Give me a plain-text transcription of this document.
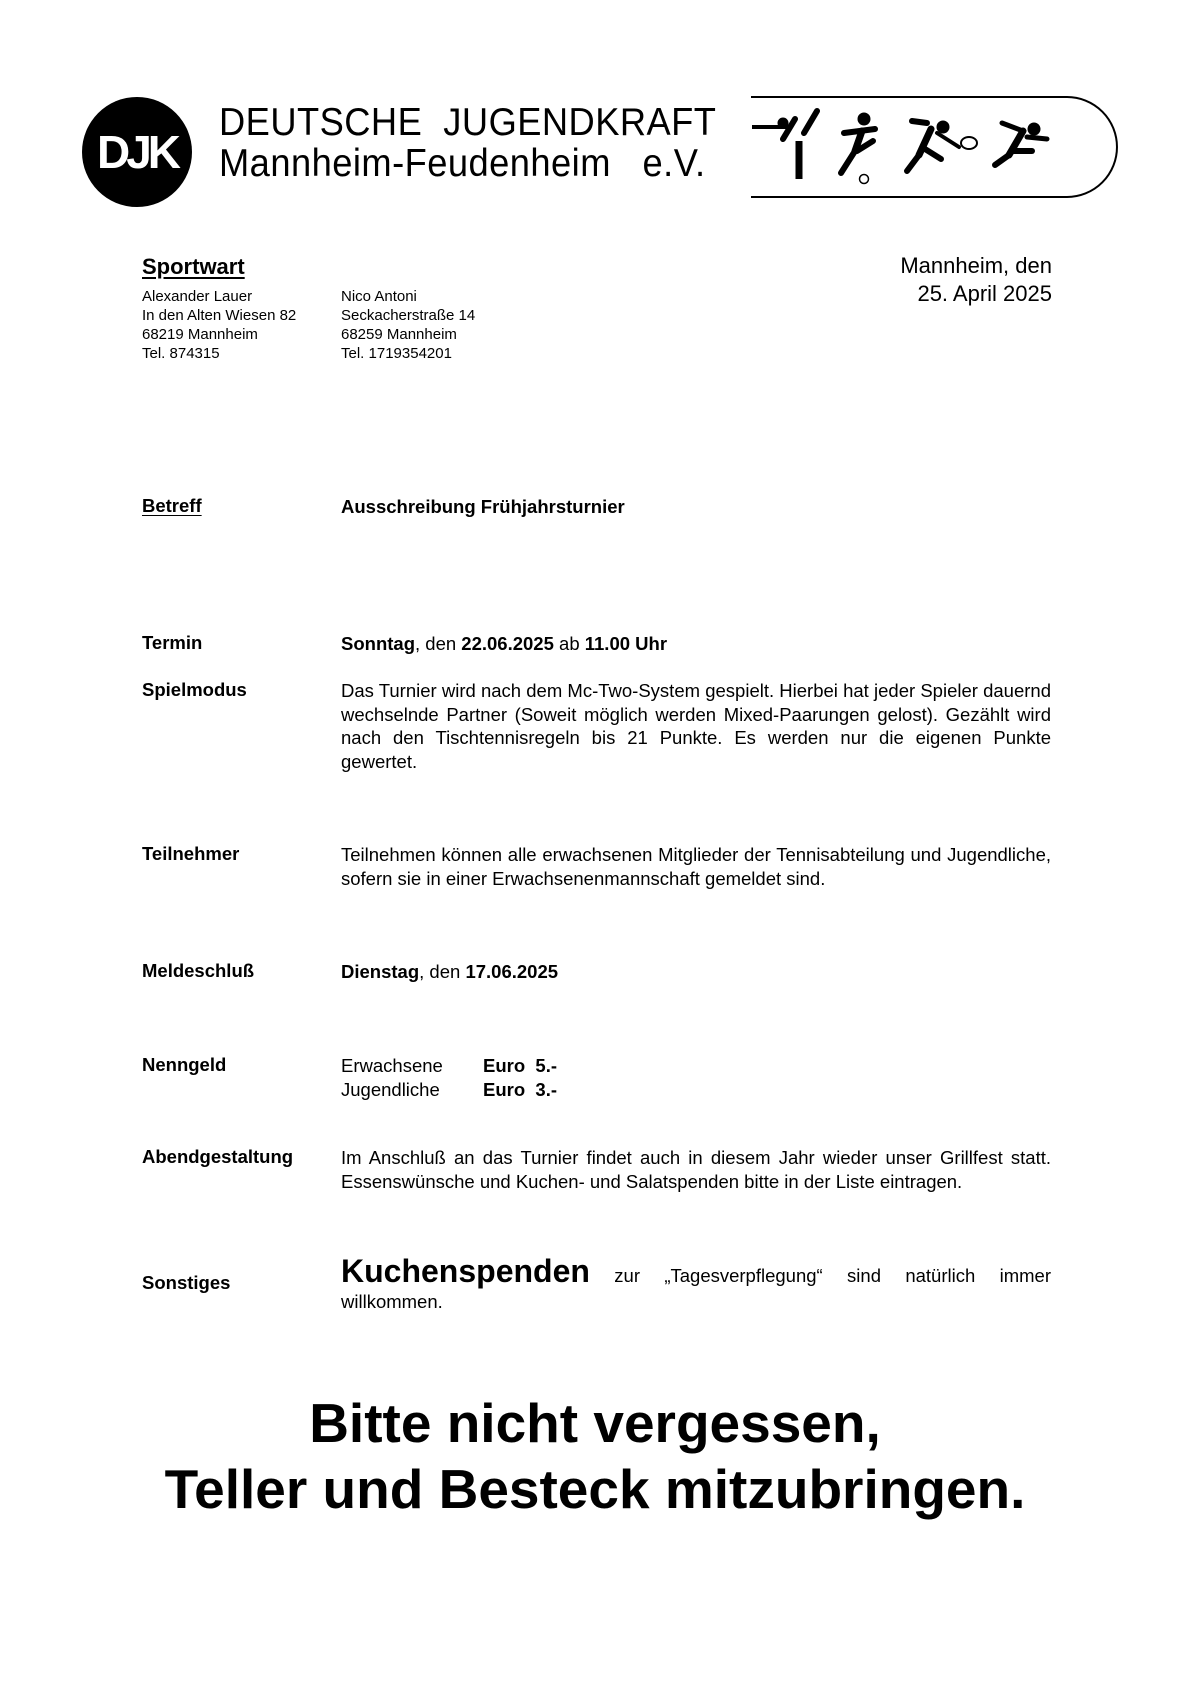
DJK
DEUTSCHE  JUGENDKRAFT
Mannheim-Feudenheim   e.V.
Sportwart
Alexander Lauer
In den Alten Wiesen 82
68219 Mannheim
Tel. 874315
Nico Antoni
Seckacherstraße 14
68259 Mannheim
Tel. 1719354201
Mannheim, den
25. April 2025
Betreff	Ausschreibung Frühjahrsturnier
Termin	Sonntag, den 22.06.2025 ab 11.00 Uhr
Spielmodus	Das Turnier wird nach dem Mc-Two-System gespielt. Hierbei hat jeder Spieler dauernd wechselnde Partner (Soweit möglich werden Mixed-Paarungen gelost). Gezählt wird nach den Tischtennisregeln bis 21 Punkte. Es werden nur die eigenen Punkte gewertet.
Teilnehmer	Teilnehmen können alle erwachsenen Mitglieder der Tennisabteilung und Jugendliche, sofern sie in einer Erwachsenenmannschaft gemeldet sind.
Meldeschluß	Dienstag, den 17.06.2025
Nenngeld	Erwachsene	Euro  5.-
Jugendliche	Euro  3.-
Abendgestaltung	Im Anschluß an das Turnier findet auch in diesem Jahr wieder unser Grillfest statt. Essenswünsche und Kuchen- und Salatspenden bitte in der Liste eintragen.
Sonstiges	Kuchenspenden zur „Tagesverpflegung“ sind natürlich immer willkommen.
Bitte nicht vergessen,
Teller und Besteck mitzubringen.
